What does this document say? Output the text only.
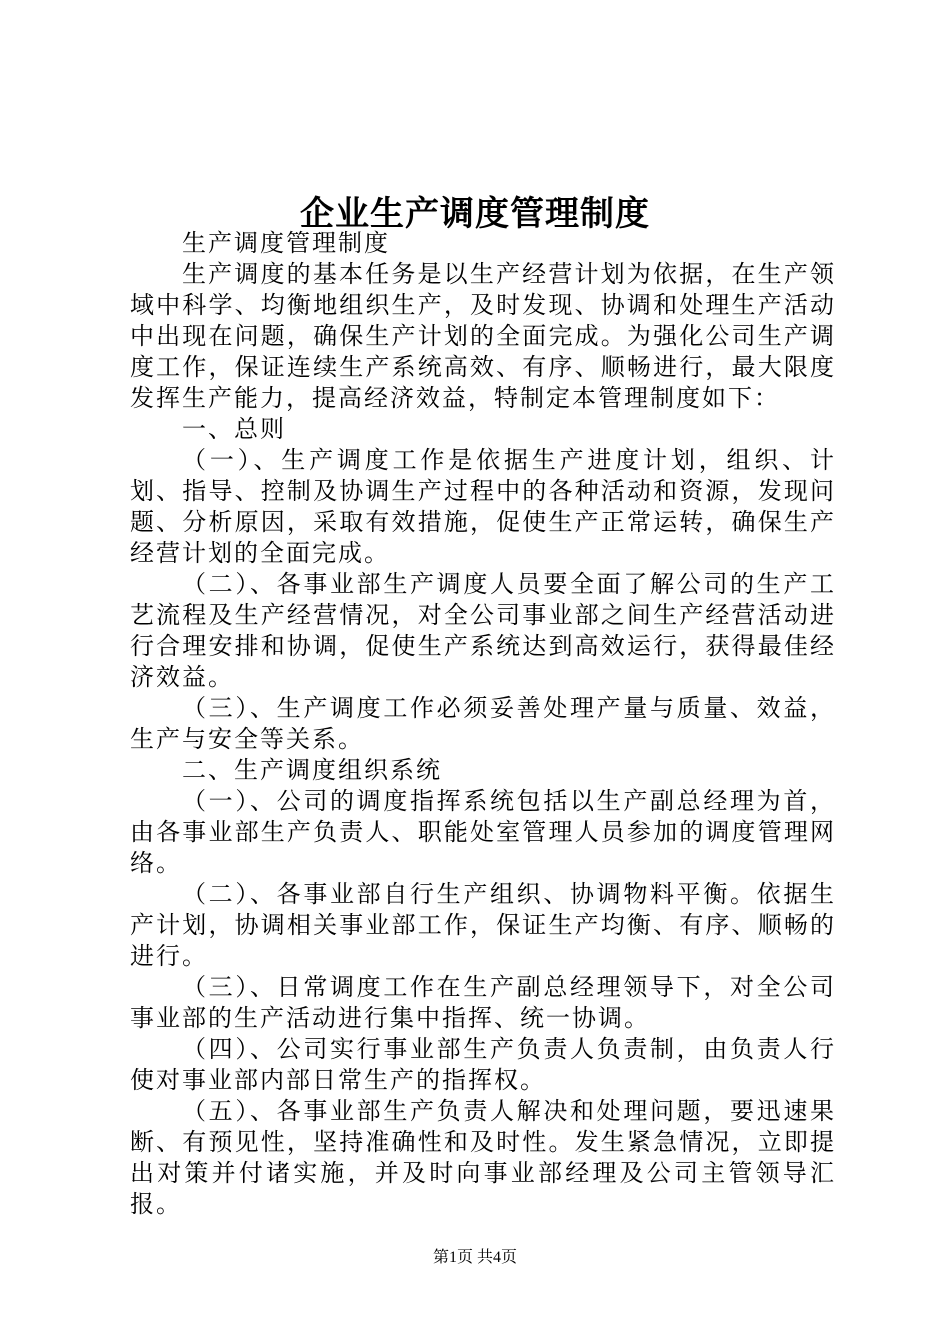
企业生产调度管理制度

生产调度管理制度

生产调度的基本任务是以生产经营计划为依据，在生产领域中科学、均衡地组织生产，及时发现、协调和处理生产活动中出现在问题，确保生产计划的全面完成。为强化公司生产调度工作，保证连续生产系统高效、有序、顺畅进行，最大限度发挥生产能力，提高经济效益，特制定本管理制度如下：

一、总则

（一）、生产调度工作是依据生产进度计划，组织、计划、指导、控制及协调生产过程中的各种活动和资源，发现问题、分析原因，采取有效措施，促使生产正常运转，确保生产经营计划的全面完成。

（二）、各事业部生产调度人员要全面了解公司的生产工艺流程及生产经营情况，对全公司事业部之间生产经营活动进行合理安排和协调，促使生产系统达到高效运行，获得最佳经济效益。

（三）、生产调度工作必须妥善处理产量与质量、效益，生产与安全等关系。

二、生产调度组织系统

（一）、公司的调度指挥系统包括以生产副总经理为首，由各事业部生产负责人、职能处室管理人员参加的调度管理网络。

（二）、各事业部自行生产组织、协调物料平衡。依据生产计划，协调相关事业部工作，保证生产均衡、有序、顺畅的进行。

（三）、日常调度工作在生产副总经理领导下，对全公司事业部的生产活动进行集中指挥、统一协调。

（四）、公司实行事业部生产负责人负责制，由负责人行使对事业部内部日常生产的指挥权。

（五）、各事业部生产负责人解决和处理问题，要迅速果断、有预见性，坚持准确性和及时性。发生紧急情况，立即提出对策并付诸实施，并及时向事业部经理及公司主管领导汇报。

第1页 共4页
